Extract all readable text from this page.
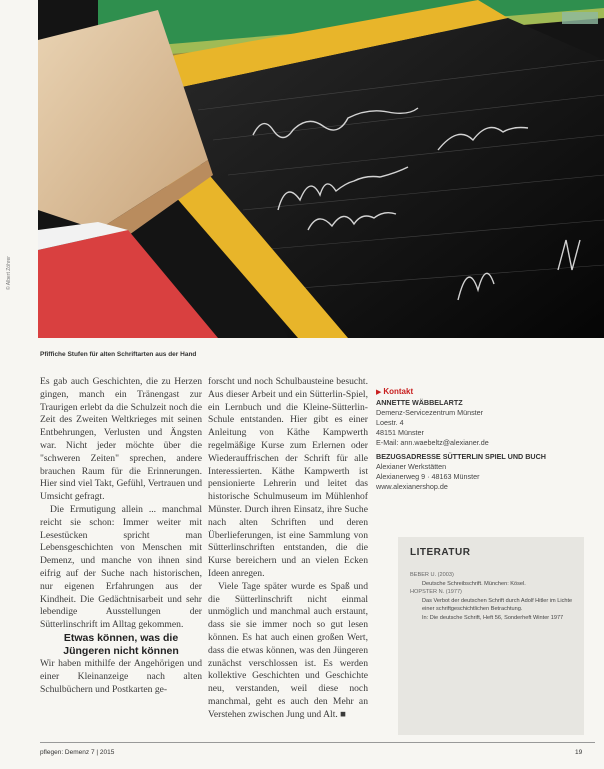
© Albert Zöhrer
Pfiffiche Stufen für alten Schriftarten aus der Hand

Es gab auch Geschichten, die zu Herzen gingen, manch ein Tränengast zur Traurigen erlebt da die Schulzeit noch die Zeit des Zweiten Weltkrieges mit seinen Entbehrungen, Verlusten und Ängsten war. Nicht jeder möchte über die "schweren Zeiten" sprechen, andere brauchen Raum für die Erinnerungen. Hier sind viel Takt, Gefühl, Vertrauen und Umsicht gefragt.

Die Ermutigung allein ... manchmal reicht sie schon: Immer weiter mit Lesestücken spricht man Lebensgeschichten von Menschen mit Demenz, und manche von ihnen sind eifrig auf der Suche nach historischen, nur eigenen Erfahrungen aus der Kindheit. Die Gedächtnisarbeit und sehr lebendige Ausstellungen der Sütterlinschrift im Alltag gekommen.

Etwas können, was die Jüngeren nicht können

Wir haben mithilfe der Angehörigen und einer Kleinanzeige nach alten Schulbüchern und Postkarten ge-

forscht und noch Schulbausteine besucht. Aus dieser Arbeit und ein Sütterlin-Spiel, ein Lernbuch und die Kleine-Sütterlin-Schule entstanden. Hier gibt es einer Anleitung von Käthe Kampwerth regelmäßige Kurse zum Erlernen oder Wiederauffrischen der Schrift für alle Interessierten. Käthe Kampwerth ist pensionierte Lehrerin und leitet das historische Schulmuseum im Mühlenhof Münster. Durch ihren Einsatz, ihre Suche nach alten Schriften und deren Überlieferungen, ist eine Sammlung von Sütterlinschriften entstanden, die die Kurse bereichern und an vielen Ecken Ideen anregen.

Viele Tage später wurde es Spaß und die Sütterlinschrift nicht einmal unmöglich und manchmal auch erstaunt, dass sie sie immer noch so gut lesen können. Es hat auch einen großen Wert, dass die etwas können, was den Jüngeren zunächst verschlossen ist. Es werden kollektive Geschichten und Geschichte neu, verstanden, weil diese noch manchmal, geht es auch den Mehr an Verstehen zwischen Jung und Alt. ■

▶ Kontakt
ANNETTE WÄBBELARTZ
Demenz-Servicezentrum Münster
Loestr. 4
48151 Münster
E-Mail: ann.waebeltz@alexianer.de
BEZUGSADRESSE SÜTTERLIN SPIEL UND BUCH
Alexianer Werkstätten
Alexianerweg 9 · 48163 Münster
www.alexianershop.de
LITERATUR
BEBER U. (2003)
Deutsche Schreibschrift. München: Kösel.
HOPSTER N. (1977)
Das Verbot der deutschen Schrift durch Adolf Hitler im Lichte einer schriftgeschichtlichen Betrachtung.
In: Die deutsche Schrift, Heft 56, Sonderheft Winter 1977
pflegen: Demenz 7 | 2015	19
